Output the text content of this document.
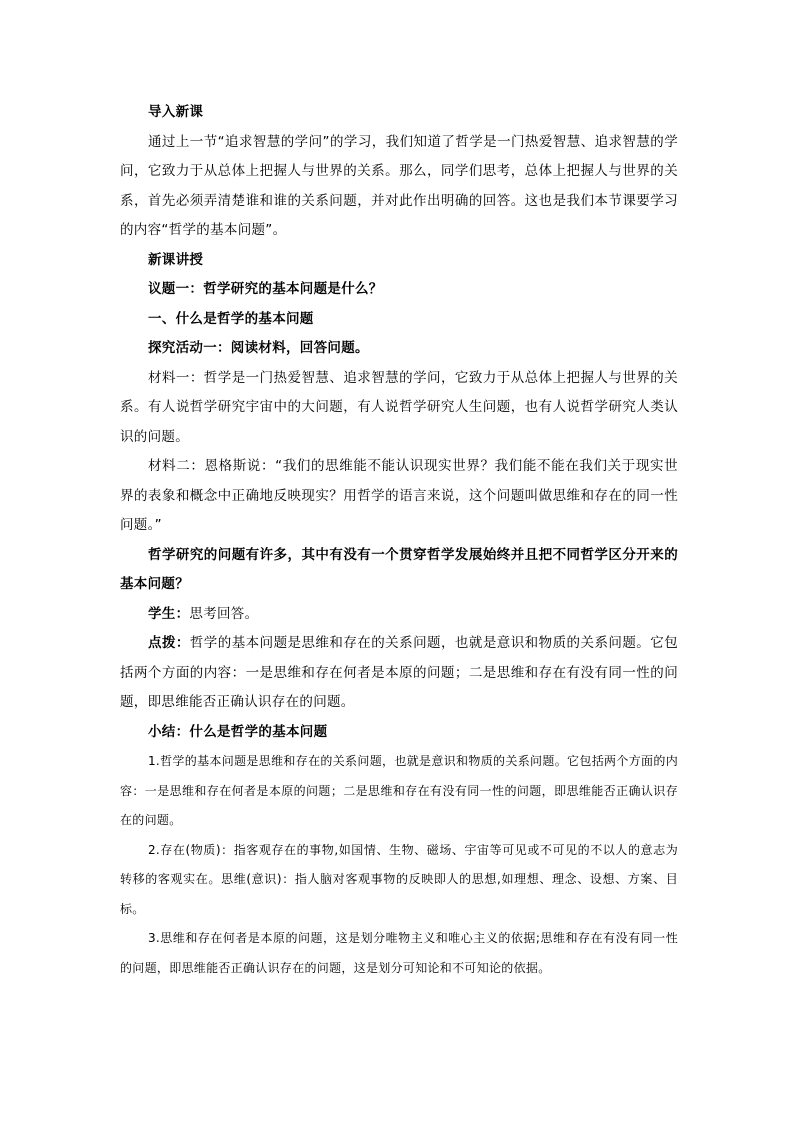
导入新课

通过上一节“追求智慧的学问”的学习，我们知道了哲学是一门热爱智慧、追求智慧的学问，它致力于从总体上把握人与世界的关系。那么，同学们思考，总体上把握人与世界的关系，首先必须弄清楚谁和谁的关系问题，并对此作出明确的回答。这也是我们本节课要学习的内容“哲学的基本问题”。

新课讲授

议题一：哲学研究的基本问题是什么？

一、什么是哲学的基本问题

探究活动一：阅读材料，回答问题。

材料一：哲学是一门热爱智慧、追求智慧的学问，它致力于从总体上把握人与世界的关系。有人说哲学研究宇宙中的大问题，有人说哲学研究人生问题，也有人说哲学研究人类认识的问题。

材料二：恩格斯说：“我们的思维能不能认识现实世界？我们能不能在我们关于现实世界的表象和概念中正确地反映现实？用哲学的语言来说，这个问题叫做思维和存在的同一性问题。”

哲学研究的问题有许多，其中有没有一个贯穿哲学发展始终并且把不同哲学区分开来的基本问题？

学生：思考回答。

点拨：哲学的基本问题是思维和存在的关系问题，也就是意识和物质的关系问题。它包括两个方面的内容：一是思维和存在何者是本原的问题；二是思维和存在有没有同一性的问题，即思维能否正确认识存在的问题。

小结：什么是哲学的基本问题

1.哲学的基本问题是思维和存在的关系问题，也就是意识和物质的关系问题。它包括两个方面的内容：一是思维和存在何者是本原的问题；二是思维和存在有没有同一性的问题，即思维能否正确认识存在的问题。

2.存在(物质)：指客观存在的事物,如国情、生物、磁场、宇宙等可见或不可见的不以人的意志为转移的客观实在。思维(意识)：指人脑对客观事物的反映即人的思想,如理想、理念、设想、方案、目标。

3.思维和存在何者是本原的问题，这是划分唯物主义和唯心主义的依据;思维和存在有没有同一性的问题，即思维能否正确认识存在的问题，这是划分可知论和不可知论的依据。
